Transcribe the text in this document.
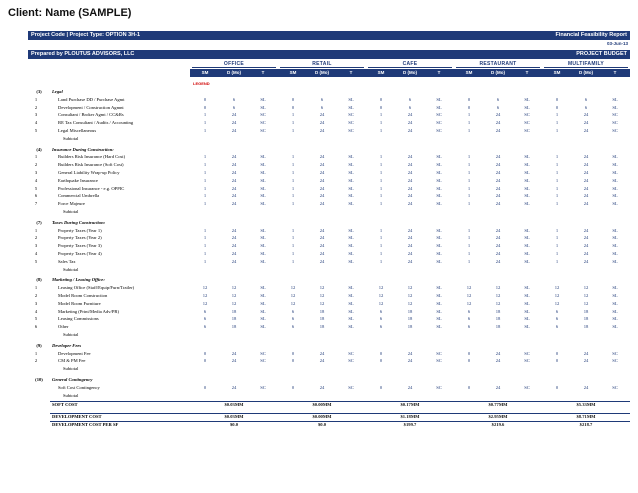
Client: Name (SAMPLE)
Project Code | Project Type: OPTION 3H-1	Financial Feasibility Report
03-Jun-13
Prepared by PLOUTUS ADVISORS, LLC	PROJECT BUDGET
OFFICE	RETAIL	CAFE	RESTAURANT	MULTIFAMILY
SM	D (Mo)	T	SM	D (Mo)	T	SM	D (Mo)	T	SM	D (Mo)	T	SM	D (Mo)	T
LEGEND
(3)	Legal
1	Land Purchase DD / Purchase Agmt	0	6	SL	0	6	SL	0	6	SL	0	6	SL	0	6	SL
2	Development / Construction Agmnt	0	6	SL	0	6	SL	0	6	SL	0	6	SL	0	6	SL
3	Consultant / Broker Agmt / CC&Rs	1	24	SC	1	24	SC	1	24	SC	1	24	SC	1	24	SC
4	RE Tax Consultant / Audits / Accounting	1	24	SC	1	24	SC	1	24	SC	1	24	SC	1	24	SC
5	Legal Miscellaneous	1	24	SC	1	24	SC	1	24	SC	1	24	SC	1	24	SC
Subtotal
(4)	Insurance During Construction:
1	Builders Risk Insurance (Hard Cost)	1	24	SL	1	24	SL	1	24	SL	1	24	SL	1	24	SL
2	Builders Risk Insurance (Soft Cost)	1	24	SL	1	24	SL	1	24	SL	1	24	SL	1	24	SL
3	General Liability Wrap-up Policy	1	24	SL	1	24	SL	1	24	SL	1	24	SL	1	24	SL
4	Earthquake Insurance	1	24	SL	1	24	SL	1	24	SL	1	24	SL	1	24	SL
5	Professional Insurance - e.g. OPPIC	1	24	SL	1	24	SL	1	24	SL	1	24	SL	1	24	SL
6	Commercial Umbrella	1	24	SL	1	24	SL	1	24	SL	1	24	SL	1	24	SL
7	Force Majeure	1	24	SL	1	24	SL	1	24	SL	1	24	SL	1	24	SL
Subtotal
(7)	Taxes During Construction:
1	Property Taxes (Year 1)	1	24	SL	1	24	SL	1	24	SL	1	24	SL	1	24	SL
2	Property Taxes (Year 2)	1	24	SL	1	24	SL	1	24	SL	1	24	SL	1	24	SL
3	Property Taxes (Year 3)	1	24	SL	1	24	SL	1	24	SL	1	24	SL	1	24	SL
4	Property Taxes (Year 4)	1	24	SL	1	24	SL	1	24	SL	1	24	SL	1	24	SL
5	Sales Tax	1	24	SL	1	24	SL	1	24	SL	1	24	SL	1	24	SL
Subtotal
(8)	Marketing / Leasing Office:
1	Leasing Office (Staff/Equip/Furn/Trailer)	12	12	SL	12	12	SL	12	12	SL	12	12	SL	12	12	SL
2	Model Room Construction	12	12	SL	12	12	SL	12	12	SL	12	12	SL	12	12	SL
3	Model Room Furniture	12	12	SL	12	12	SL	12	12	SL	12	12	SL	12	12	SL
4	Marketing (Print/Media Adv/PR)	6	18	SL	6	18	SL	6	18	SL	6	18	SL	6	18	SL
5	Leasing Commissions	6	18	SL	6	18	SL	6	18	SL	6	18	SL	6	18	SL
6	Other	6	18	SL	6	18	SL	6	18	SL	6	18	SL	6	18	SL
Subtotal
(9)	Developer Fees
1	Development Fee	0	24	SC	0	24	SC	0	24	SC	0	24	SC	0	24	SC
2	CM & PM Fee	0	24	SC	0	24	SC	0	24	SC	0	24	SC	0	24	SC
Subtotal
(10)	General Contingency
Soft Cost Contingency	0	24	SC	0	24	SC	0	24	SC	0	24	SC	0	24	SC
Subtotal
SOFT COST	$0.03MM	$0.00MM	$0.17MM	$0.77MM	$5.33MM
DEVELOPMENT COST	$0.03MM	$0.00MM	$1.18MM	$2.95MM	$8.71MM
DEVELOPMENT COST PER SF	$0.0	$0.0	$199.7	$219.6	$218.7
